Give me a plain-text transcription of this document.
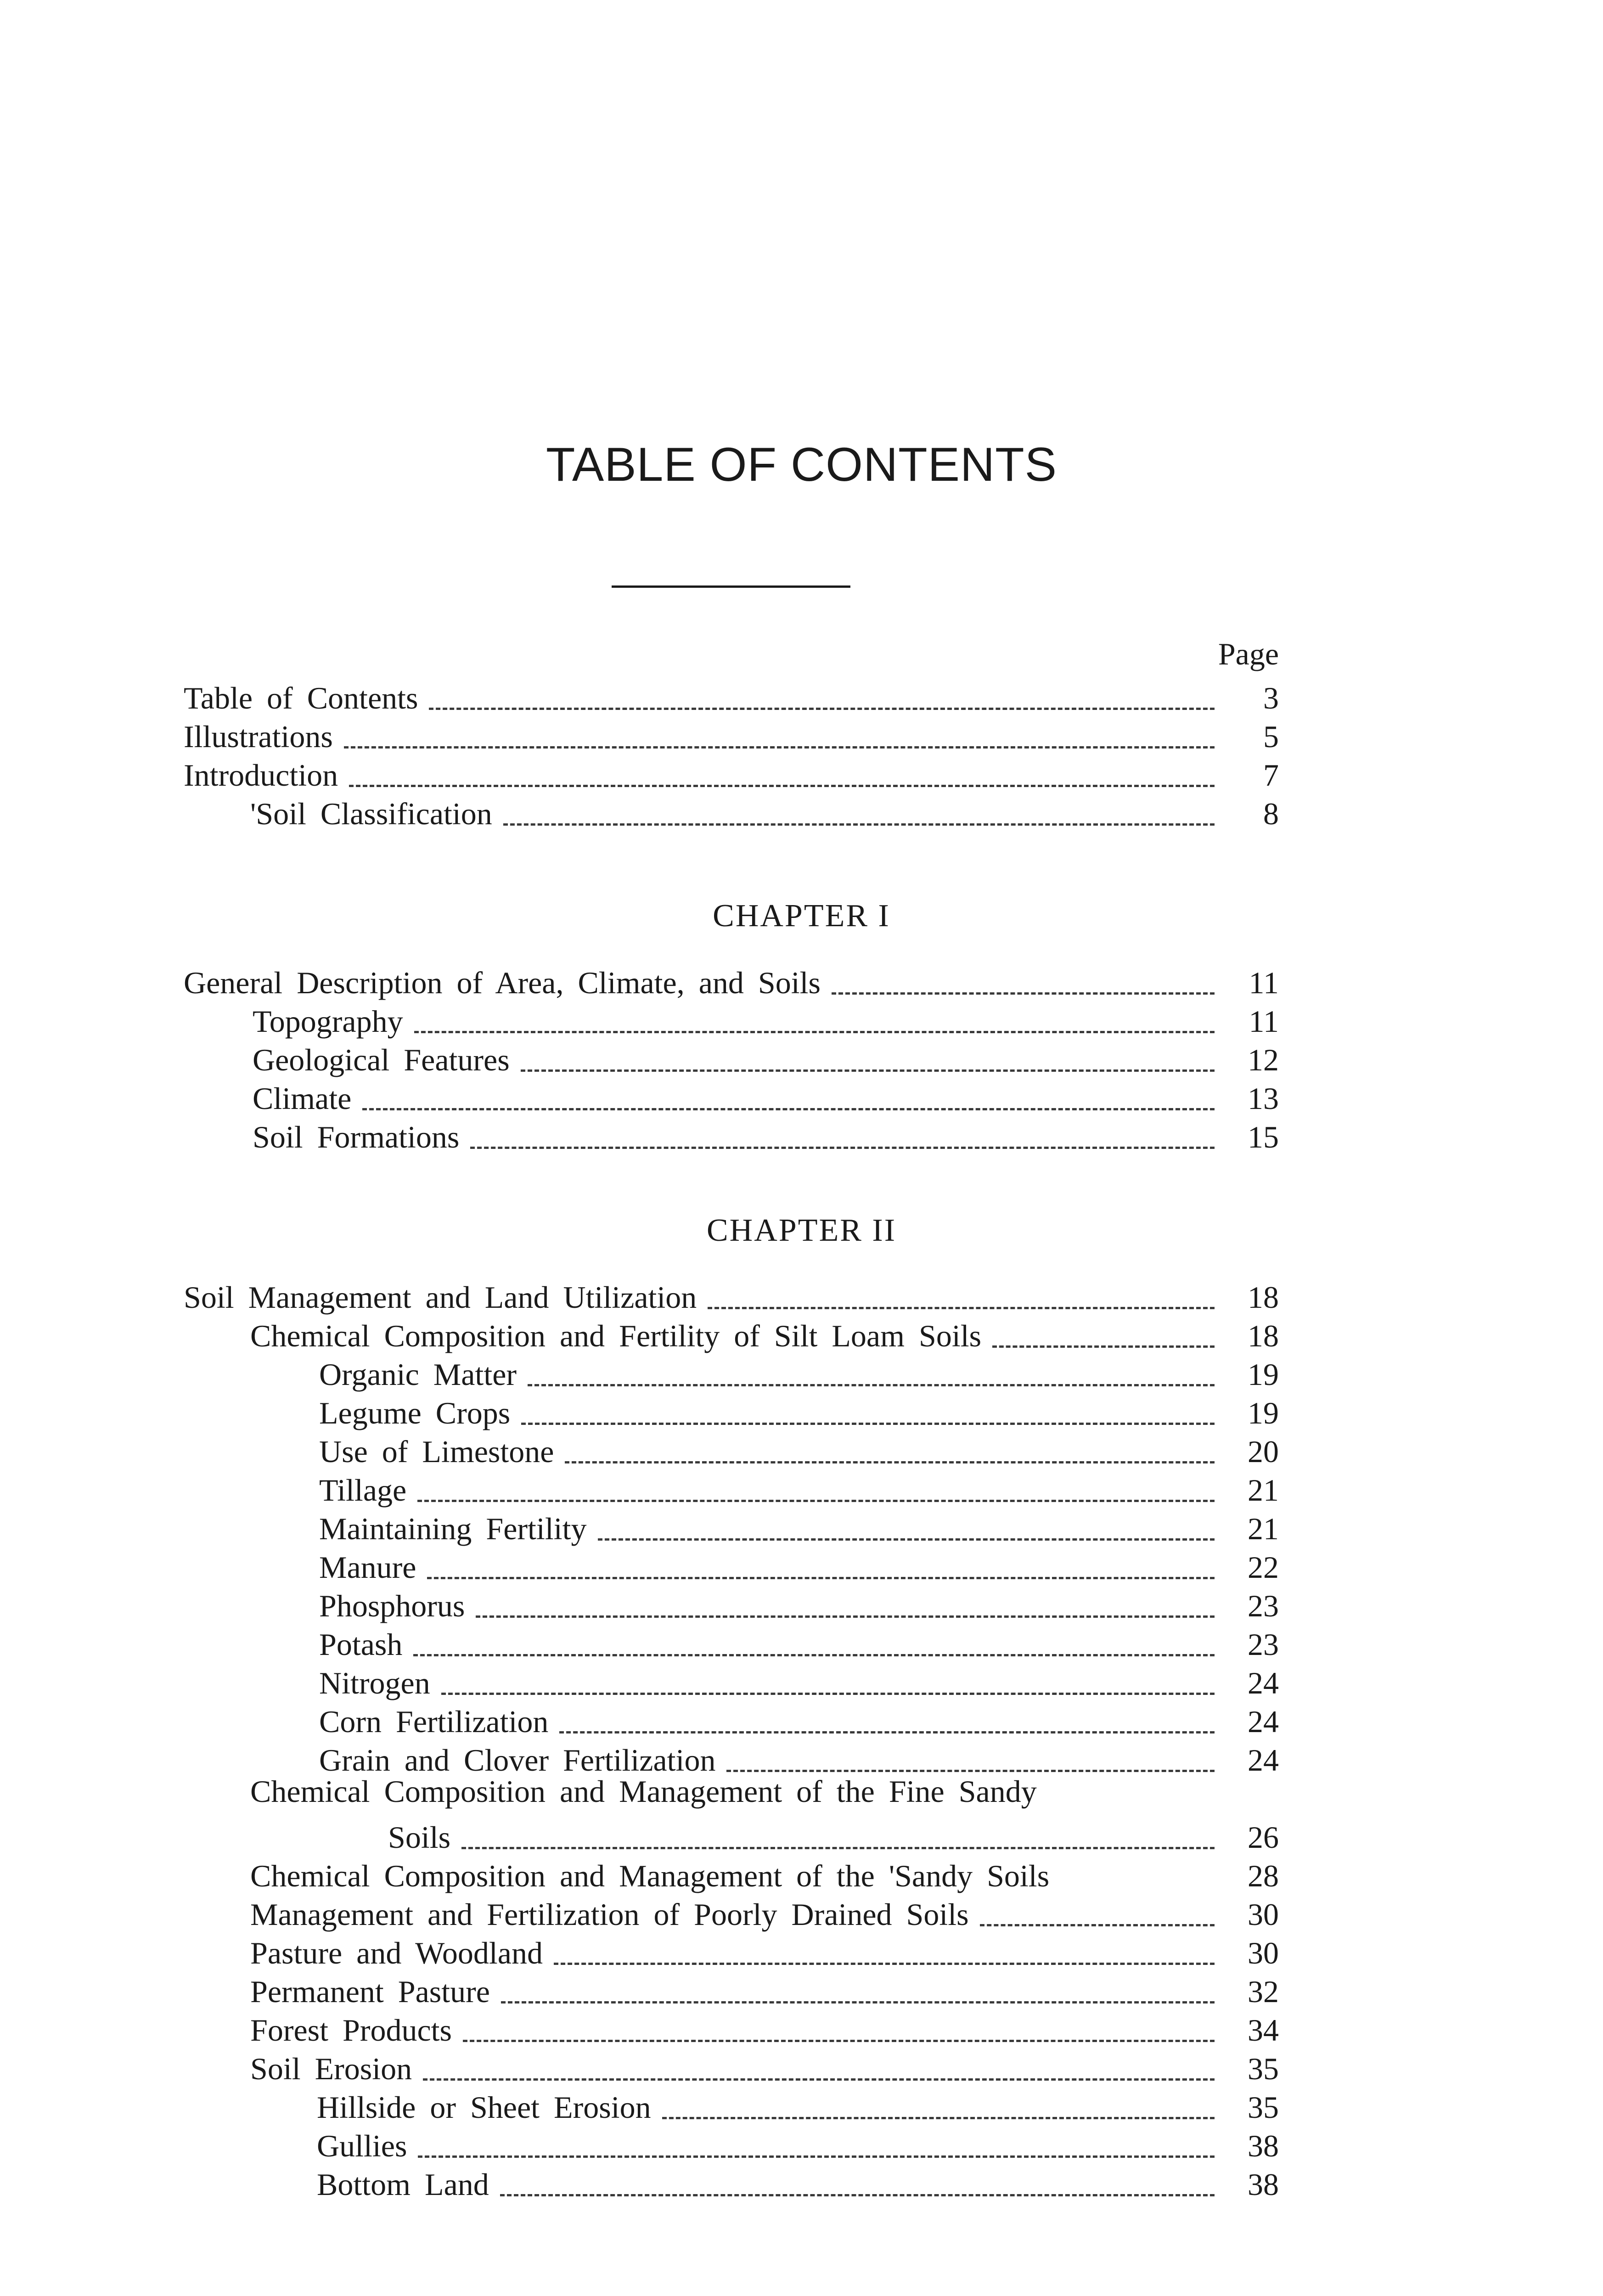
TABLE OF CONTENTS
Page
Table of Contents	3
Illustrations	5
Introduction	7
'Soil Classification	8
CHAPTER I
General Description of Area, Climate, and Soils	11
Topography	11
Geological Features	12
Climate	13
Soil Formations	15
CHAPTER II
Soil Management and Land Utilization	18
Chemical Composition and Fertility of Silt Loam Soils	18
Organic Matter	19
Legume Crops	19
Use of Limestone	20
Tillage	21
Maintaining Fertility	21
Manure	22
Phosphorus	23
Potash	23
Nitrogen	24
Corn Fertilization	24
Grain and Clover Fertilization	24
Chemical Composition and Management of the Fine Sandy
Soils	26
Chemical Composition and Management of the 'Sandy Soils	28
Management and Fertilization of Poorly Drained Soils	30
Pasture and Woodland	30
Permanent Pasture	32
Forest Products	34
Soil Erosion	35
Hillside or Sheet Erosion	35
Gullies	38
Bottom Land	38
